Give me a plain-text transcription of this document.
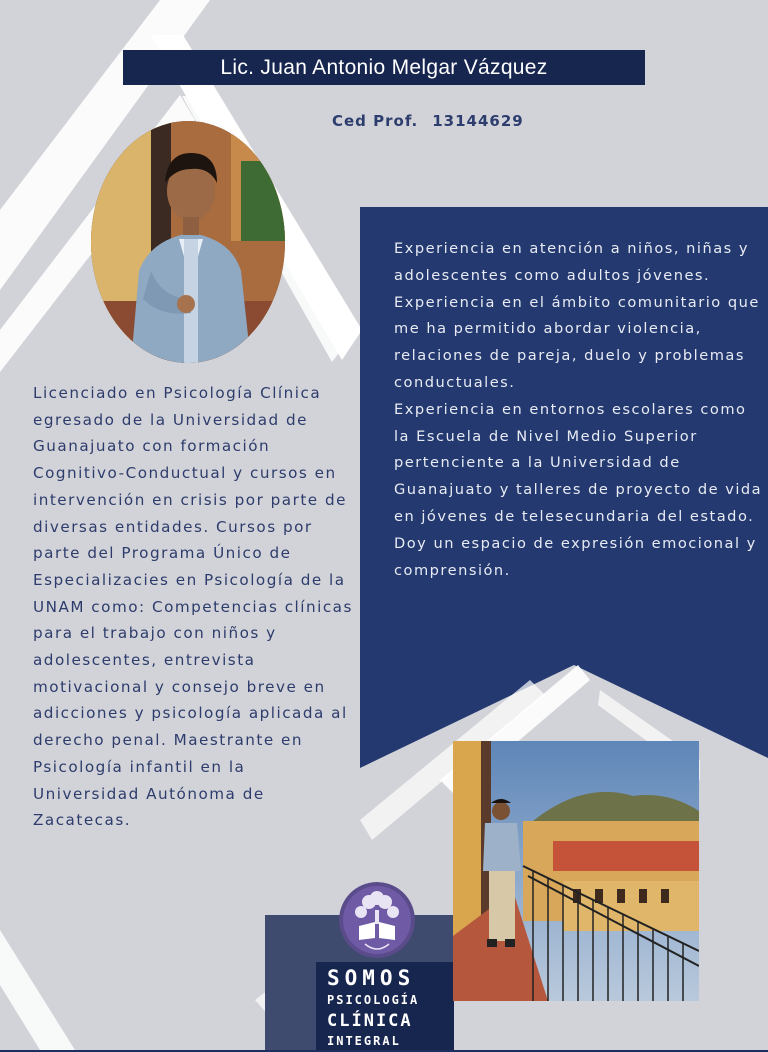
Lic. Juan Antonio Melgar Vázquez
Ced Prof. 13144629

Experiencia en atención a niños, niñas y adolescentes como adultos jóvenes.

Experiencia en el ámbito comunitario que me ha permitido abordar violencia, relaciones de pareja, duelo y problemas conductuales.

Experiencia en entornos escolares como la Escuela de Nivel Medio Superior pertenciente a la Universidad de Guanajuato y talleres de proyecto de vida en jóvenes de telesecundaria del estado.

Doy un espacio de expresión emocional y comprensión.

Licenciado en Psicología Clínica egresado de la Universidad de Guanajuato con formación Cognitivo-Conductual y cursos en intervención en crisis por parte de diversas entidades. Cursos por parte del Programa Único de Especializacies en Psicología de la UNAM como: Competencias clínicas para el trabajo con niños y adolescentes, entrevista motivacional y consejo breve en adicciones y psicología aplicada al derecho penal. Maestrante en Psicología infantil en la Universidad Autónoma de Zacatecas.
SOMOS
PSICOLOGÍA
CLÍNICA
INTEGRAL
